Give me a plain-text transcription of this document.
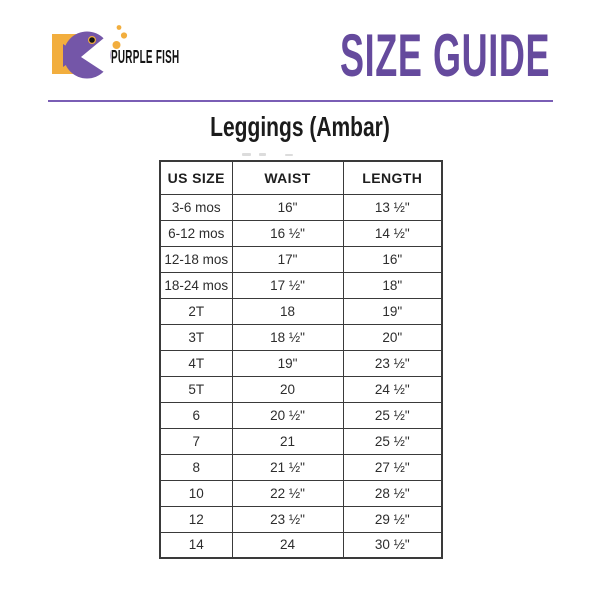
PURPLE FISH	SIZE GUIDE
Leggings (Ambar)
US SIZE	WAIST	LENGTH
3-6 mos	16"	13 ½"
6-12 mos	16 ½"	14 ½"
12-18 mos	17"	16"
18-24 mos	17 ½"	18"
2T	18	19"
3T	18 ½"	20"
4T	19"	23 ½"
5T	20	24 ½"
6	20 ½"	25 ½"
7	21	25 ½"
8	21 ½"	27 ½"
10	22 ½"	28 ½"
12	23 ½"	29 ½"
14	24	30 ½"
